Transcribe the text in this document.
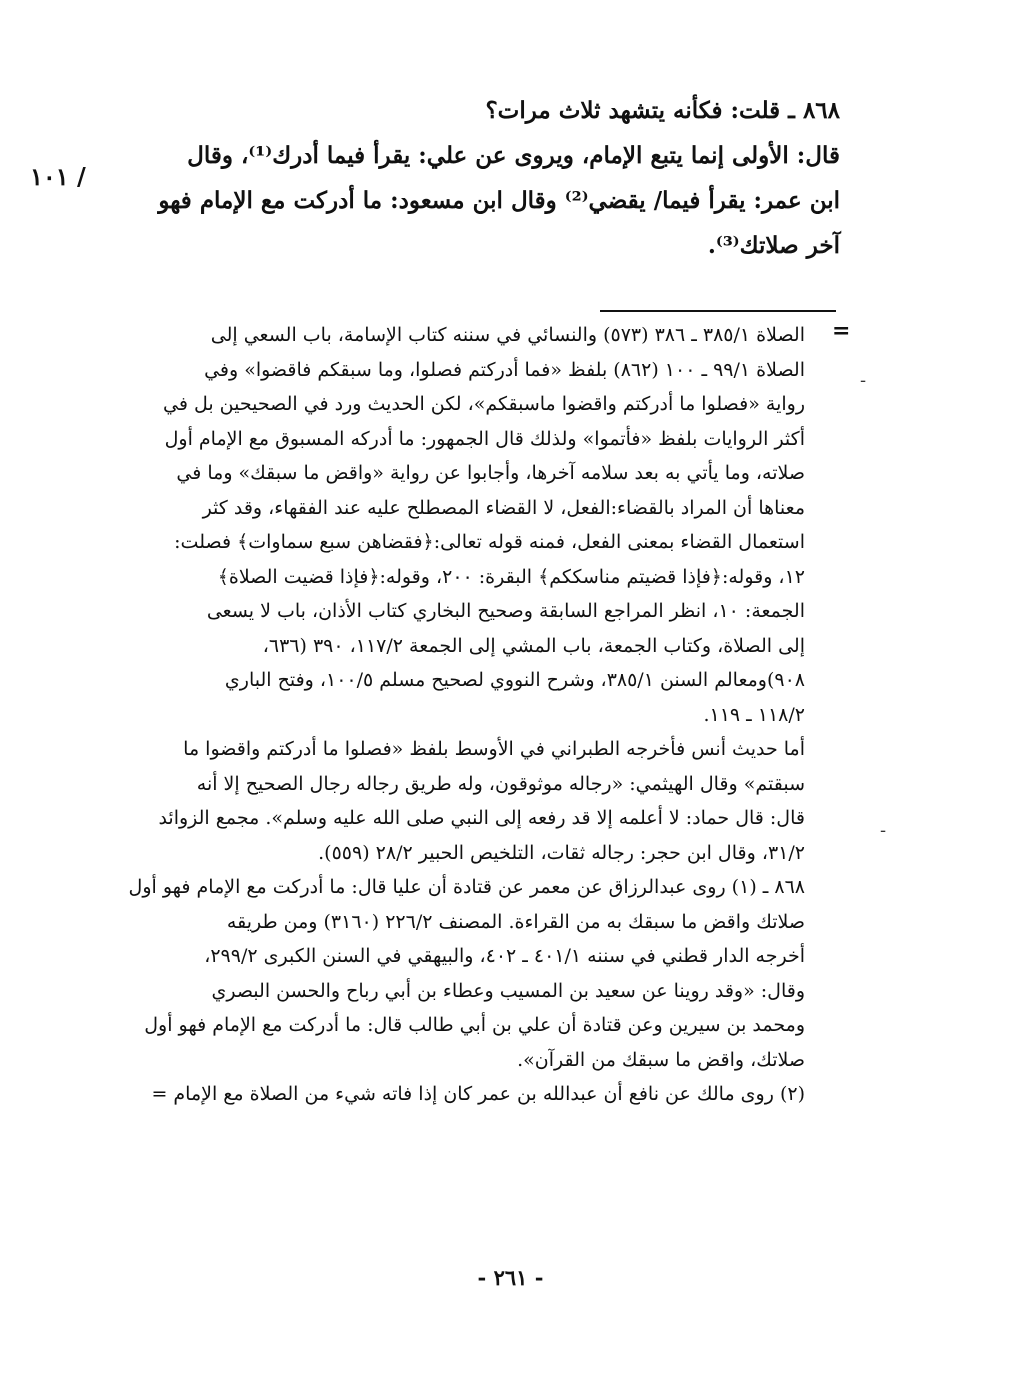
٨٦٨ ـ قلت: فكأنه يتشهد ثلاث مرات؟
قال: الأولى إنما يتبع الإمام، ويروى عن علي: يقرأ فيما أدرك⁽¹⁾، وقال
ابن عمر: يقرأ فيما/ يقضي⁽²⁾ وقال ابن مسعود: ما أدركت مع الإمام فهو
آخر صلاتك⁽³⁾.
/ ١٠١
=
-
-
الصلاة ٣٨٥/١ ـ ٣٨٦ (٥٧٣) والنسائي في سننه كتاب الإسامة، باب السعي إلى
الصلاة ٩٩/١ ـ ١٠٠ (٨٦٢) بلفظ «فما أدركتم فصلوا، وما سبقكم فاقضوا» وفي
رواية «فصلوا ما أدركتم واقضوا ماسبقكم»، لكن الحديث ورد في الصحيحين بل في
أكثر الروايات بلفظ «فأتموا» ولذلك قال الجمهور: ما أدركه المسبوق مع الإمام أول
صلاته، وما يأتي به بعد سلامه آخرها، وأجابوا عن رواية «واقض ما سبقك» وما في
معناها أن المراد بالقضاء:الفعل، لا القضاء المصطلح عليه عند الفقهاء، وقد كثر
استعمال القضاء بمعنى الفعل، فمنه قوله تعالى:﴿فقضاهن سبع سماوات﴾ فصلت:
١٢، وقوله:﴿فإذا قضيتم مناسككم﴾ البقرة: ٢٠٠، وقوله:﴿فإذا قضيت الصلاة﴾
الجمعة: ١٠، انظر المراجع السابقة وصحيح البخاري كتاب الأذان، باب لا يسعى
إلى الصلاة، وكتاب الجمعة، باب المشي إلى الجمعة ١١٧/٢، ٣٩٠ (٦٣٦،
٩٠٨)ومعالم السنن ٣٨٥/١، وشرح النووي لصحيح مسلم ١٠٠/٥، وفتح الباري
١١٨/٢ ـ ١١٩.
أما حديث أنس فأخرجه الطبراني في الأوسط بلفظ «فصلوا ما أدركتم واقضوا ما
سبقتم» وقال الهيثمي: «رجاله موثوقون، وله طريق رجاله رجال الصحيح إلا أنه
قال: قال حماد: لا أعلمه إلا قد رفعه إلى النبي صلى الله عليه وسلم». مجمع الزوائد
٣١/٢، وقال ابن حجر: رجاله ثقات، التلخيص الحبير ٢٨/٢ (٥٥٩).
٨٦٨ ـ (١) روى عبدالرزاق عن معمر عن قتادة أن عليا قال: ما أدركت مع الإمام فهو أول
صلاتك واقض ما سبقك به من القراءة. المصنف ٢٢٦/٢ (٣١٦٠) ومن طريقه
أخرجه الدار قطني في سننه ٤٠١/١ ـ ٤٠٢، والبيهقي في السنن الكبرى ٢٩٩/٢،
وقال: «وقد روينا عن سعيد بن المسيب وعطاء بن أبي رباح والحسن البصري
ومحمد بن سيرين وعن قتادة أن علي بن أبي طالب قال: ما أدركت مع الإمام فهو أول
صلاتك، واقض ما سبقك من القرآن».
(٢) روى مالك عن نافع أن عبدالله بن عمر كان إذا فاته شيء من الصلاة مع الإمام =
- ٢٦١ -
